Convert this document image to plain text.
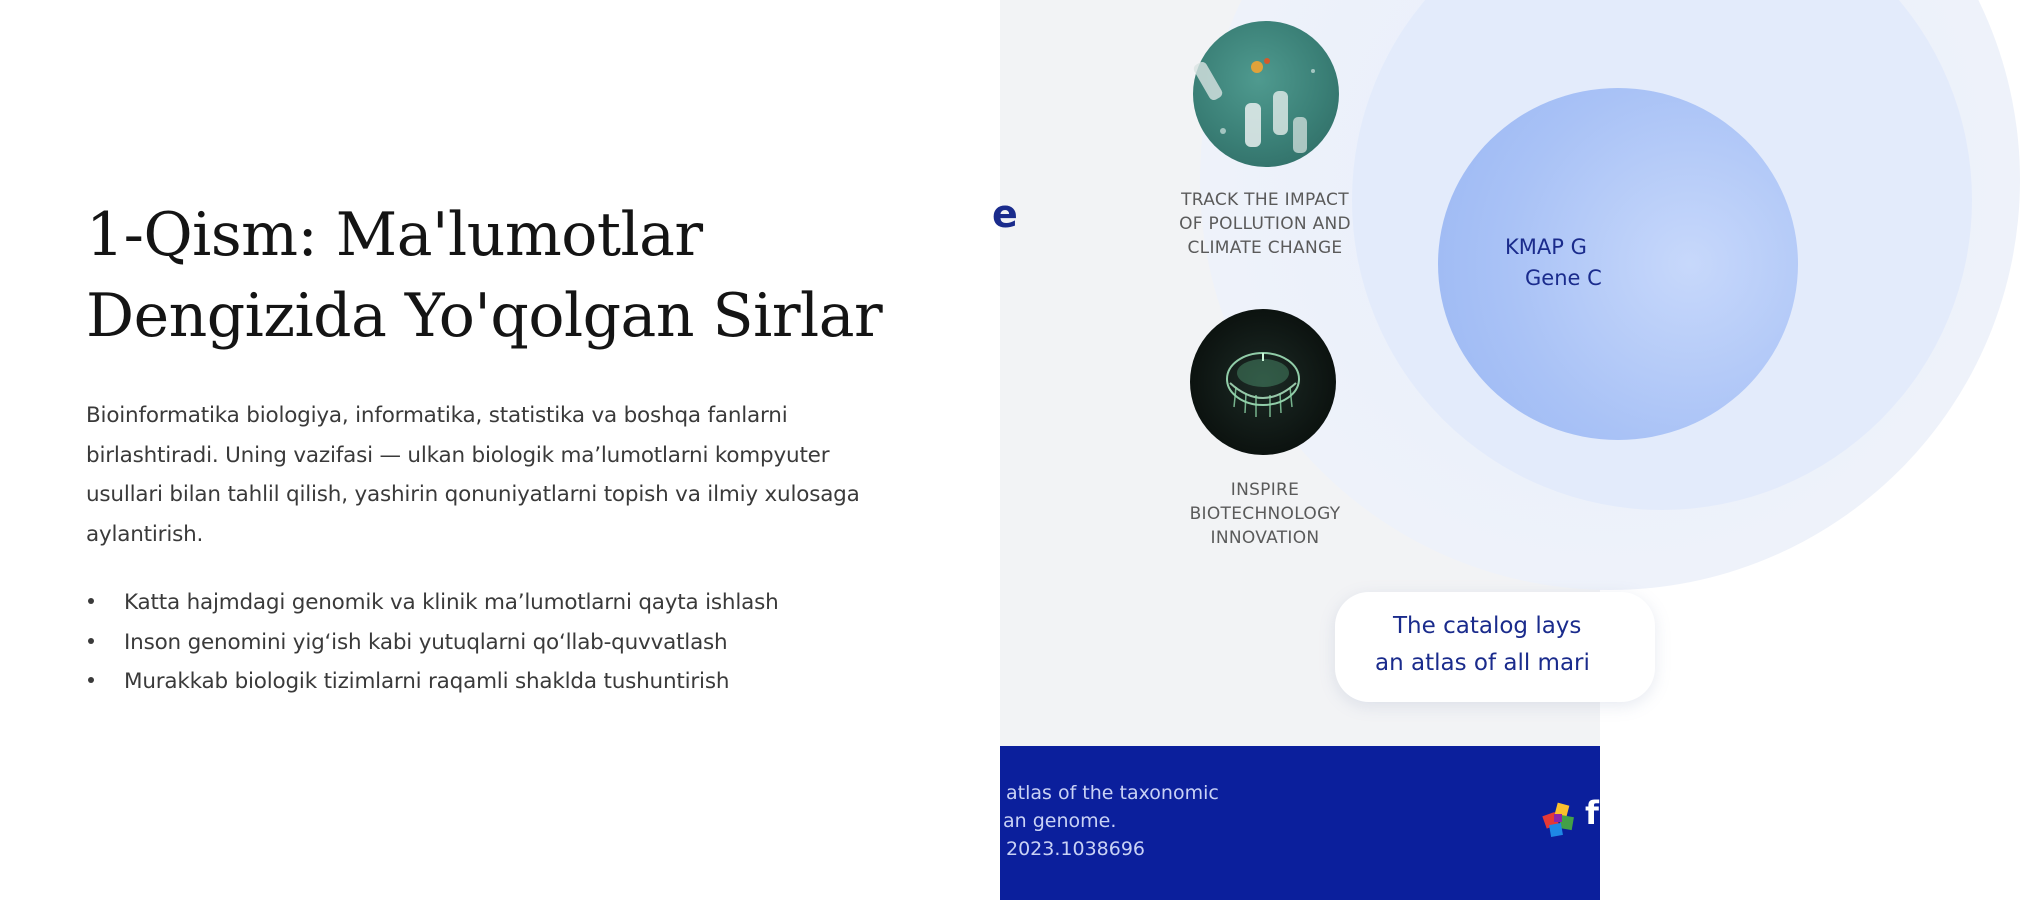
1-Qism: Ma'lumotlar
Dengizida Yo'qolgan Sirlar

Bioinformatika biologiya, informatika, statistika va boshqa fanlarni birlashtiradi. Uning vazifasi — ulkan biologik ma’lumotlarni kompyuter usullari bilan tahlil qilish, yashirin qonuniyatlarni topish va ilmiy xulosaga aylantirish.

Katta hajmdagi genomik va klinik ma’lumotlarni qayta ishlash
Inson genomini yig‘ish kabi yutuqlarni qo‘llab-quvvatlash
Murakkab biologik tizimlarni raqamli shaklda tushuntirish
KMAP G
Gene C
e	TRACK THE IMPACT
OF POLLUTION AND
CLIMATE CHANGE
INSPIRE
BIOTECHNOLOGY
INNOVATION
The catalog lays
an atlas of all mari
atlas of the taxonomic
an genome.
2023.1038696
f
